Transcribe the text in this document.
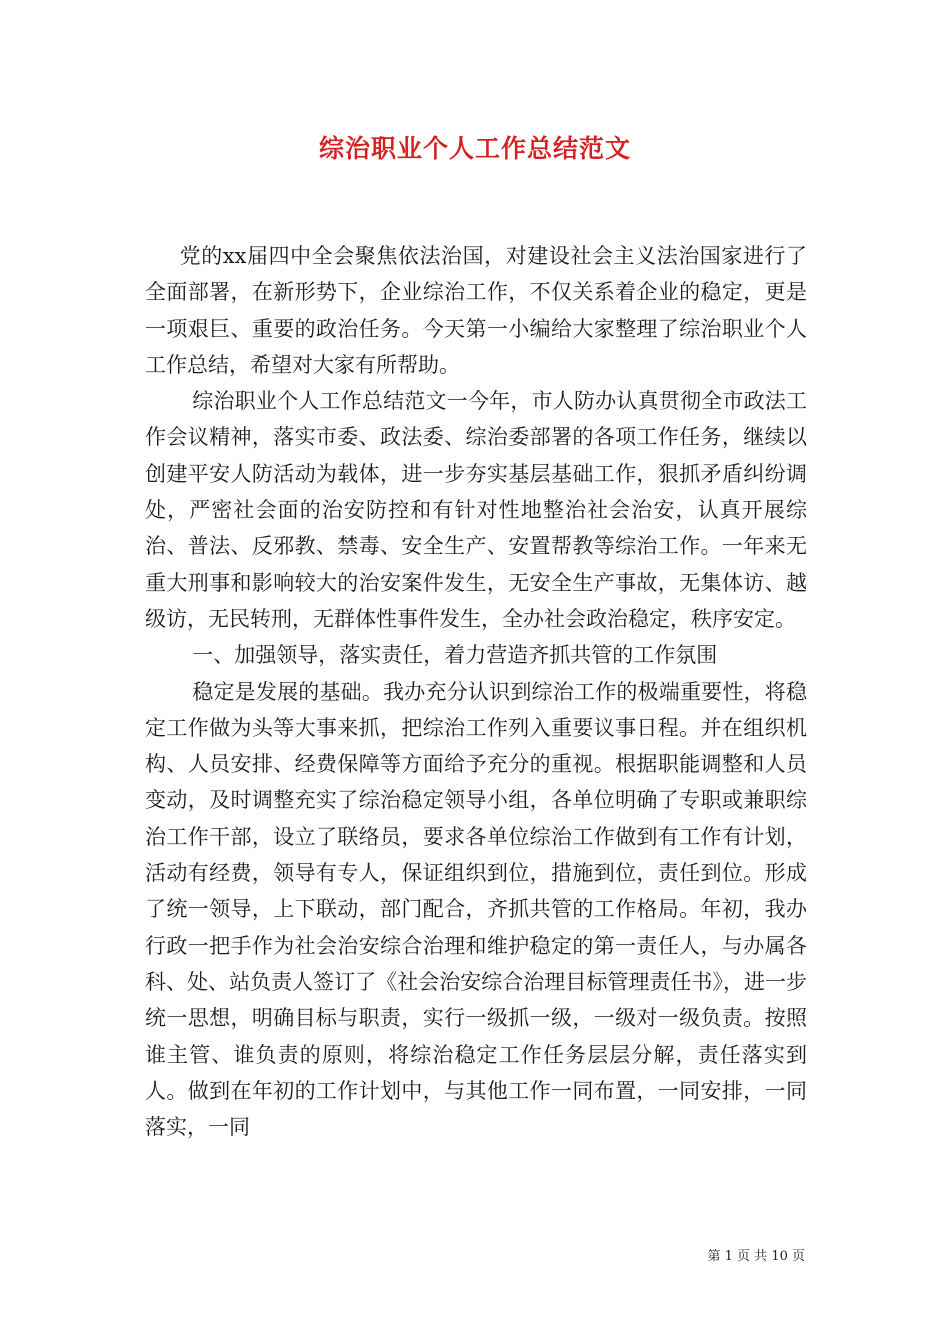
综治职业个人工作总结范文

党的xx届四中全会聚焦依法治国，对建设社会主义法治国家进行了全面部署，在新形势下，企业综治工作，不仅关系着企业的稳定，更是一项艰巨、重要的政治任务。今天第一小编给大家整理了综治职业个人工作总结，希望对大家有所帮助。

综治职业个人工作总结范文一今年，市人防办认真贯彻全市政法工作会议精神，落实市委、政法委、综治委部署的各项工作任务，继续以创建平安人防活动为载体，进一步夯实基层基础工作，狠抓矛盾纠纷调处，严密社会面的治安防控和有针对性地整治社会治安，认真开展综治、普法、反邪教、禁毒、安全生产、安置帮教等综治工作。一年来无重大刑事和影响较大的治安案件发生，无安全生产事故，无集体访、越级访，无民转刑，无群体性事件发生，全办社会政治稳定，秩序安定。

一、加强领导，落实责任，着力营造齐抓共管的工作氛围

稳定是发展的基础。我办充分认识到综治工作的极端重要性，将稳定工作做为头等大事来抓，把综治工作列入重要议事日程。并在组织机构、人员安排、经费保障等方面给予充分的重视。根据职能调整和人员变动，及时调整充实了综治稳定领导小组，各单位明确了专职或兼职综治工作干部，设立了联络员，要求各单位综治工作做到有工作有计划，活动有经费，领导有专人，保证组织到位，措施到位，责任到位。形成了统一领导，上下联动，部门配合，齐抓共管的工作格局。年初，我办行政一把手作为社会治安综合治理和维护稳定的第一责任人，与办属各科、处、站负责人签订了《社会治安综合治理目标管理责任书》，进一步统一思想，明确目标与职责，实行一级抓一级，一级对一级负责。按照谁主管、谁负责的原则，将综治稳定工作任务层层分解，责任落实到人。做到在年初的工作计划中，与其他工作一同布置，一同安排，一同落实，一同

第 1 页 共 10 页
